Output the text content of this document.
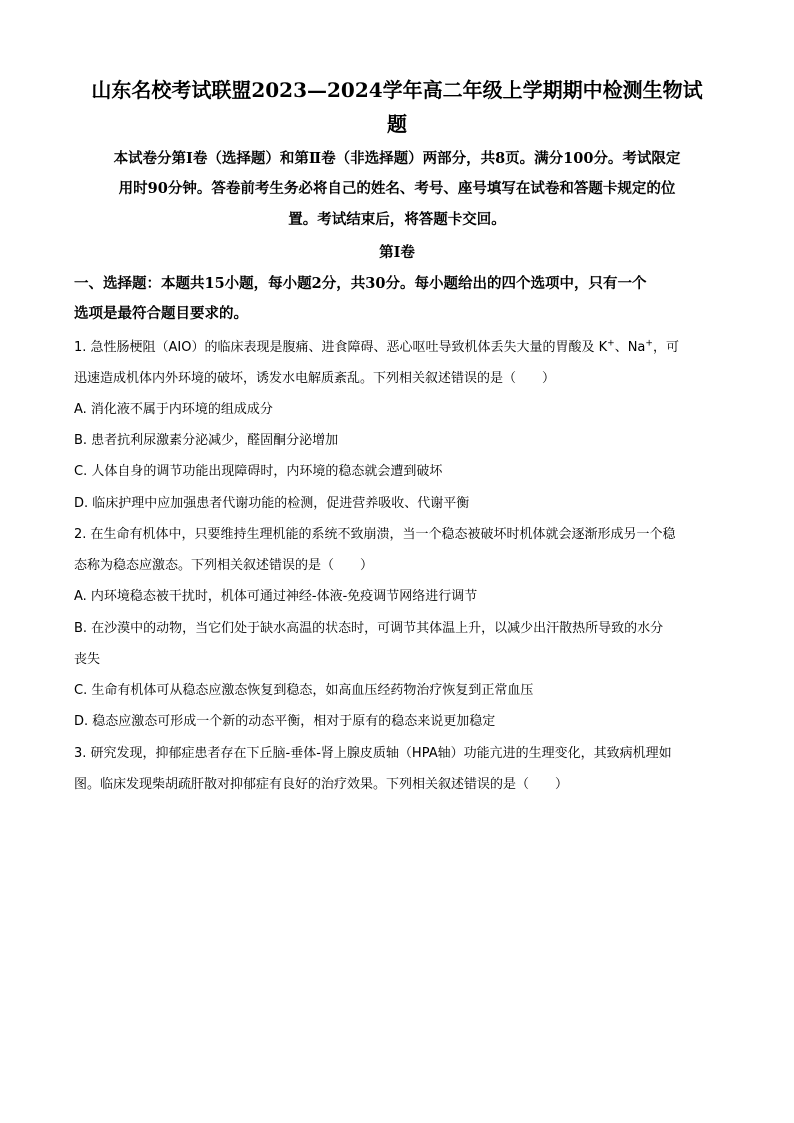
山东名校考试联盟2023—2024学年高二年级上学期期中检测生物试
题
本试卷分第Ⅰ卷（选择题）和第Ⅱ卷（非选择题）两部分，共8页。满分100分。考试限定
用时90分钟。答卷前考生务必将自己的姓名、考号、座号填写在试卷和答题卡规定的位
置。考试结束后，将答题卡交回。
第Ⅰ卷
一、选择题：本题共15小题，每小题2分，共30分。每小题给出的四个选项中，只有一个
选项是最符合题目要求的。
1. 急性肠梗阻（AIO）的临床表现是腹痛、进食障碍、恶心呕吐导致机体丢失大量的胃酸及 K+、Na+，可
迅速造成机体内外环境的破坏，诱发水电解质紊乱。下列相关叙述错误的是（　　）
A. 消化液不属于内环境的组成成分
B. 患者抗利尿激素分泌减少，醛固酮分泌增加
C. 人体自身的调节功能出现障碍时，内环境的稳态就会遭到破坏
D. 临床护理中应加强患者代谢功能的检测，促进营养吸收、代谢平衡
2. 在生命有机体中，只要维持生理机能的系统不致崩溃，当一个稳态被破坏时机体就会逐渐形成另一个稳
态称为稳态应激态。下列相关叙述错误的是（　　）
A. 内环境稳态被干扰时，机体可通过神经-体液-免疫调节网络进行调节
B. 在沙漠中的动物，当它们处于缺水高温的状态时，可调节其体温上升，以减少出汗散热所导致的水分
丧失
C. 生命有机体可从稳态应激态恢复到稳态，如高血压经药物治疗恢复到正常血压
D. 稳态应激态可形成一个新的动态平衡，相对于原有的稳态来说更加稳定
3. 研究发现，抑郁症患者存在下丘脑-垂体-肾上腺皮质轴（HPA轴）功能亢进的生理变化，其致病机理如
图。临床发现柴胡疏肝散对抑郁症有良好的治疗效果。下列相关叙述错误的是（　　）
